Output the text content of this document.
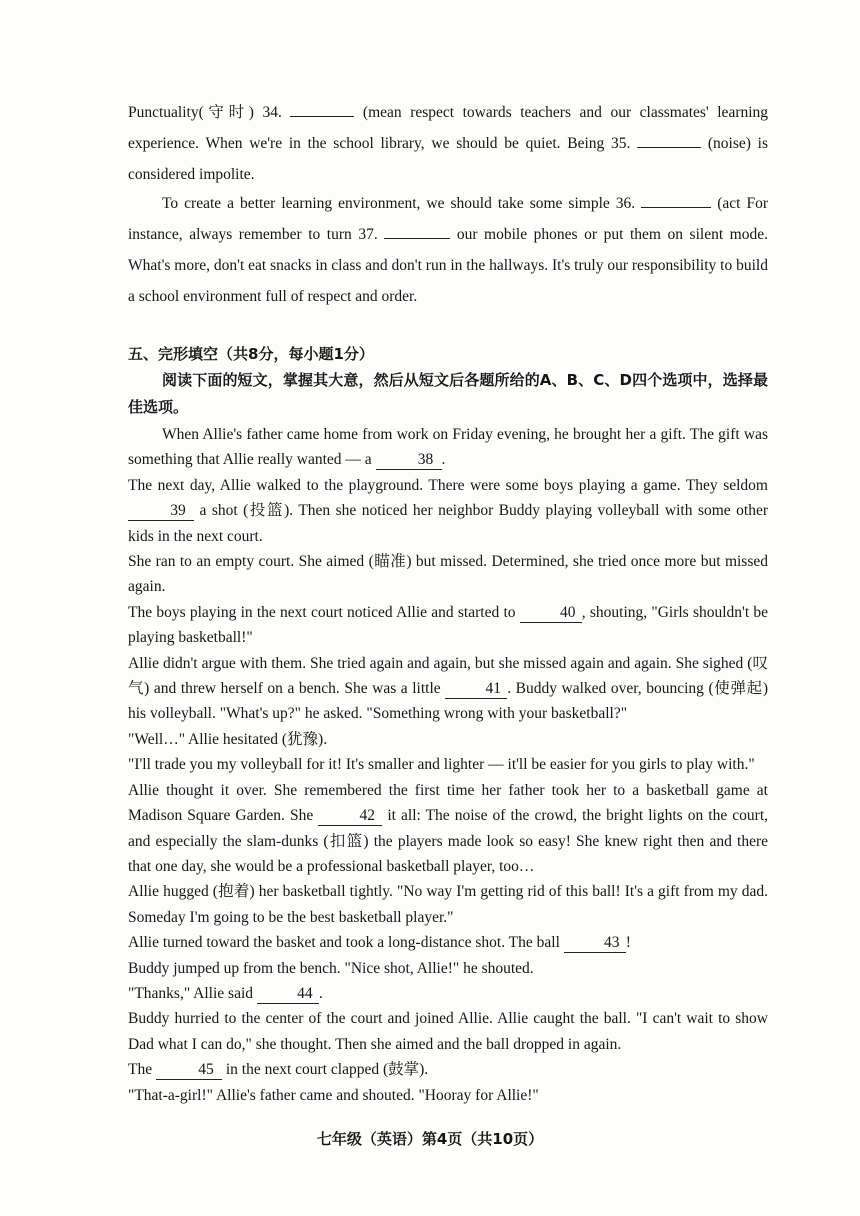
Punctuality(守时) 34.	(mean respect towards teachers and our classmates' learning experience. When we're in the school library, we should be quiet. Being 35.	(noise) is considered impolite.

To create a better learning environment, we should take some simple 36.	(act For instance, always remember to turn 37.	our mobile phones or put them on silent mode. What's more, don't eat snacks in class and don't run in the hallways. It's truly our responsibility to build a school environment full of respect and order.

五、完形填空（共8分，每小题1分）

阅读下面的短文，掌握其大意，然后从短文后各题所给的A、B、C、D四个选项中，选择最佳选项。

When Allie's father came home from work on Friday evening, he brought her a gift. The gift was something that Allie really wanted — a	38 .
The next day, Allie walked to the playground. There were some boys playing a game. They seldom 39 a shot (投篮). Then she noticed her neighbor Buddy playing volleyball with some other kids in the next court.
She ran to an empty court. She aimed (瞄准) but missed. Determined, she tried once more but missed again.
The boys playing in the next court noticed Allie and started to	40 , shouting, "Girls shouldn't be playing basketball!"
Allie didn't argue with them. She tried again and again, but she missed again and again. She sighed (叹气) and threw herself on a bench. She was a little	41 . Buddy walked over, bouncing (使弹起) his volleyball. "What's up?" he asked. "Something wrong with your basketball?"
"Well…" Allie hesitated (犹豫).
"I'll trade you my volleyball for it! It's smaller and lighter — it'll be easier for you girls to play with."
Allie thought it over. She remembered the first time her father took her to a basketball game at Madison Square Garden. She	42 it all: The noise of the crowd, the bright lights on the court, and especially the slam-dunks (扣篮) the players made look so easy! She knew right then and there that one day, she would be a professional basketball player, too…
Allie hugged (抱着) her basketball tightly. "No way I'm getting rid of this ball! It's a gift from my dad. Someday I'm going to be the best basketball player."
Allie turned toward the basket and took a long-distance shot. The ball	43 !
Buddy jumped up from the bench. "Nice shot, Allie!" he shouted.
"Thanks," Allie said	44 .
Buddy hurried to the center of the court and joined Allie. Allie caught the ball. "I can't wait to show Dad what I can do," she thought. Then she aimed and the ball dropped in again.
The	45 in the next court clapped (鼓掌).
"That-a-girl!" Allie's father came and shouted. "Hooray for Allie!"

七年级（英语）第4页（共10页）
